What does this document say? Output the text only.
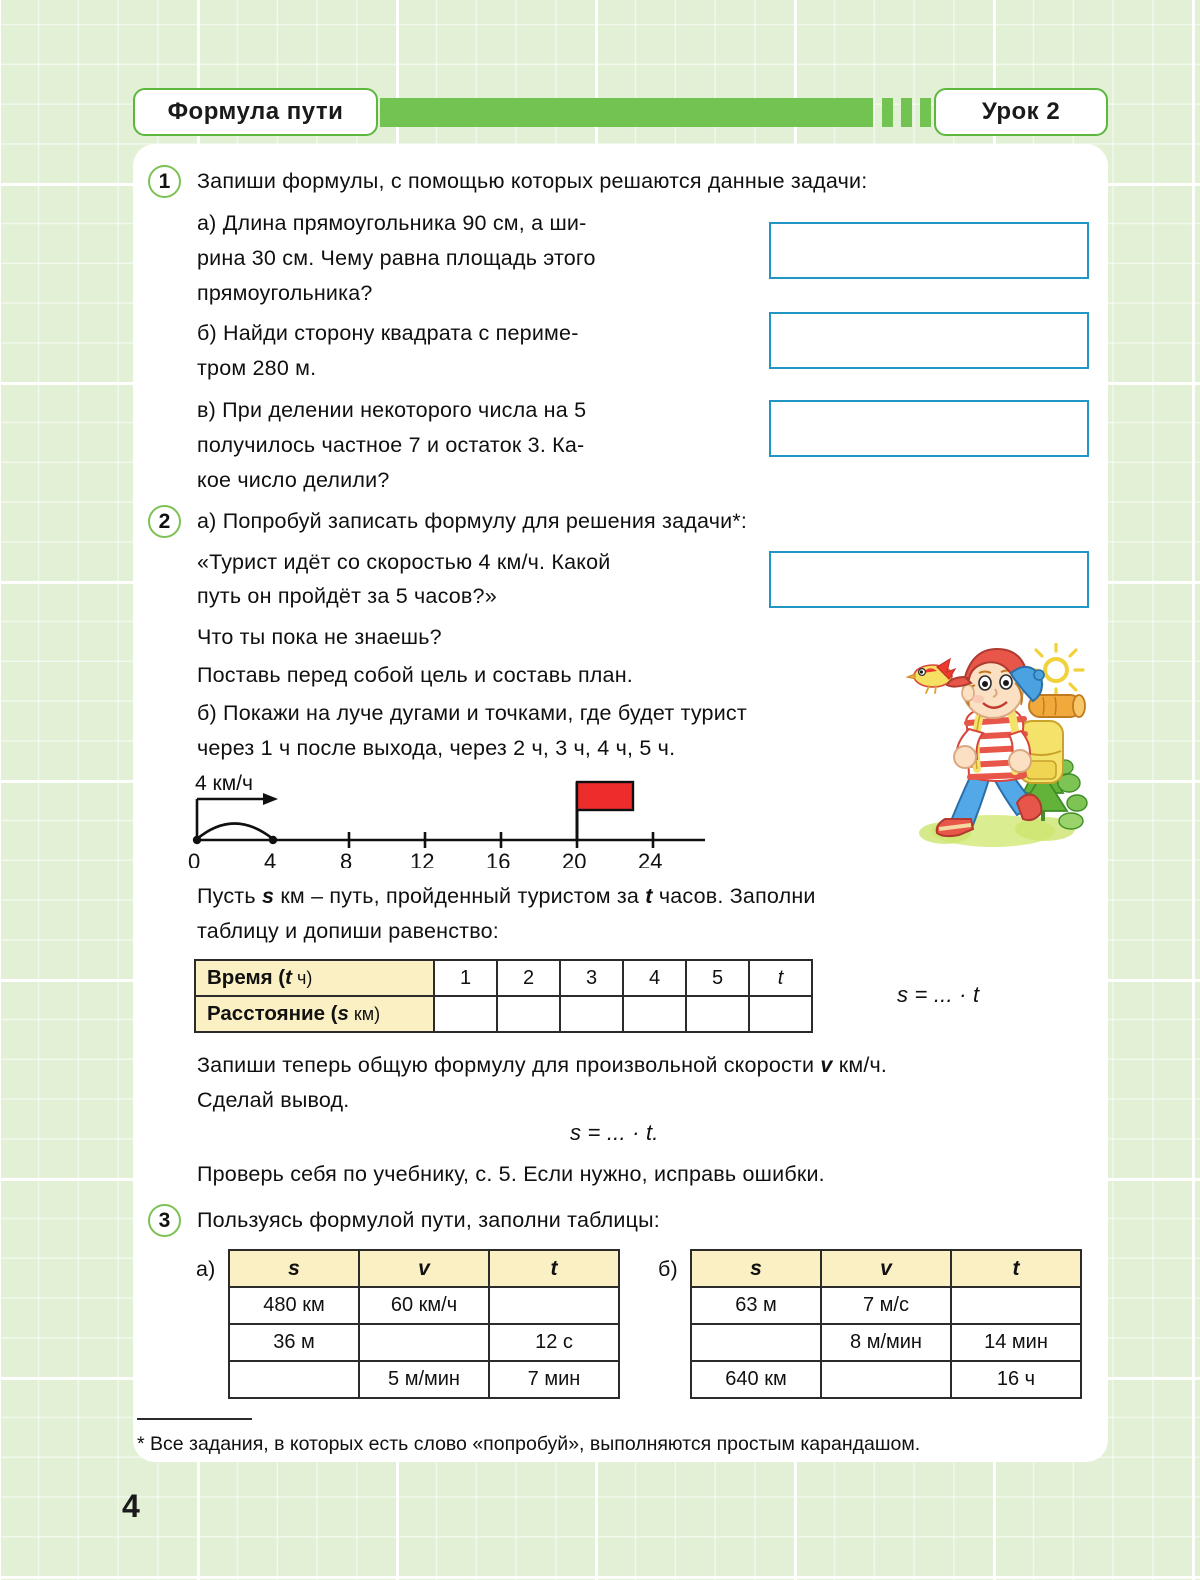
Формула пути	Урок 2
1 Запиши формулы, с помощью которых решаются данные задачи:
а) Длина прямоугольника 90 см, а ши-
рина 30 см. Чему равна площадь этого
прямоугольника?
б) Найди сторону квадрата с периме-
тром 280 м.
в) При делении некоторого числа на 5
получилось частное 7 и остаток 3. Ка-
кое число делили?
2 а) Попробуй записать формулу для решения задачи*:
«Турист идёт со скоростью 4 км/ч. Какой
путь он пройдёт за 5 часов?»
Что ты пока не знаешь?
Поставь перед собой цель и составь план.
б) Покажи на луче дугами и точками, где будет турист
через 1 ч после выхода, через 2 ч, 3 ч, 4 ч, 5 ч.
4 км/ч
0	4	8	12 16 20 24
Пусть s км – путь, пройденный туристом за t часов. Заполни
таблицу и допиши равенство:
Время (t ч)	1	2	3	4	5	t
Расстояние (s км)						
s = ... · t
Запиши теперь общую формулу для произвольной скорости v км/ч.
Сделай вывод.
s = ... · t.
Проверь себя по учебнику, с. 5. Если нужно, исправь ошибки.
3 Пользуясь формулой пути, заполни таблицы:
а)	б)
s	v	t
480 км	60 км/ч	
36 м		12 с
	5 м/мин	7 мин
s	v	t
63 м	7 м/с	
	8 м/мин	14 мин
640 км		16 ч
* Все задания, в которых есть слово «попробуй», выполняются простым карандашом.
4
